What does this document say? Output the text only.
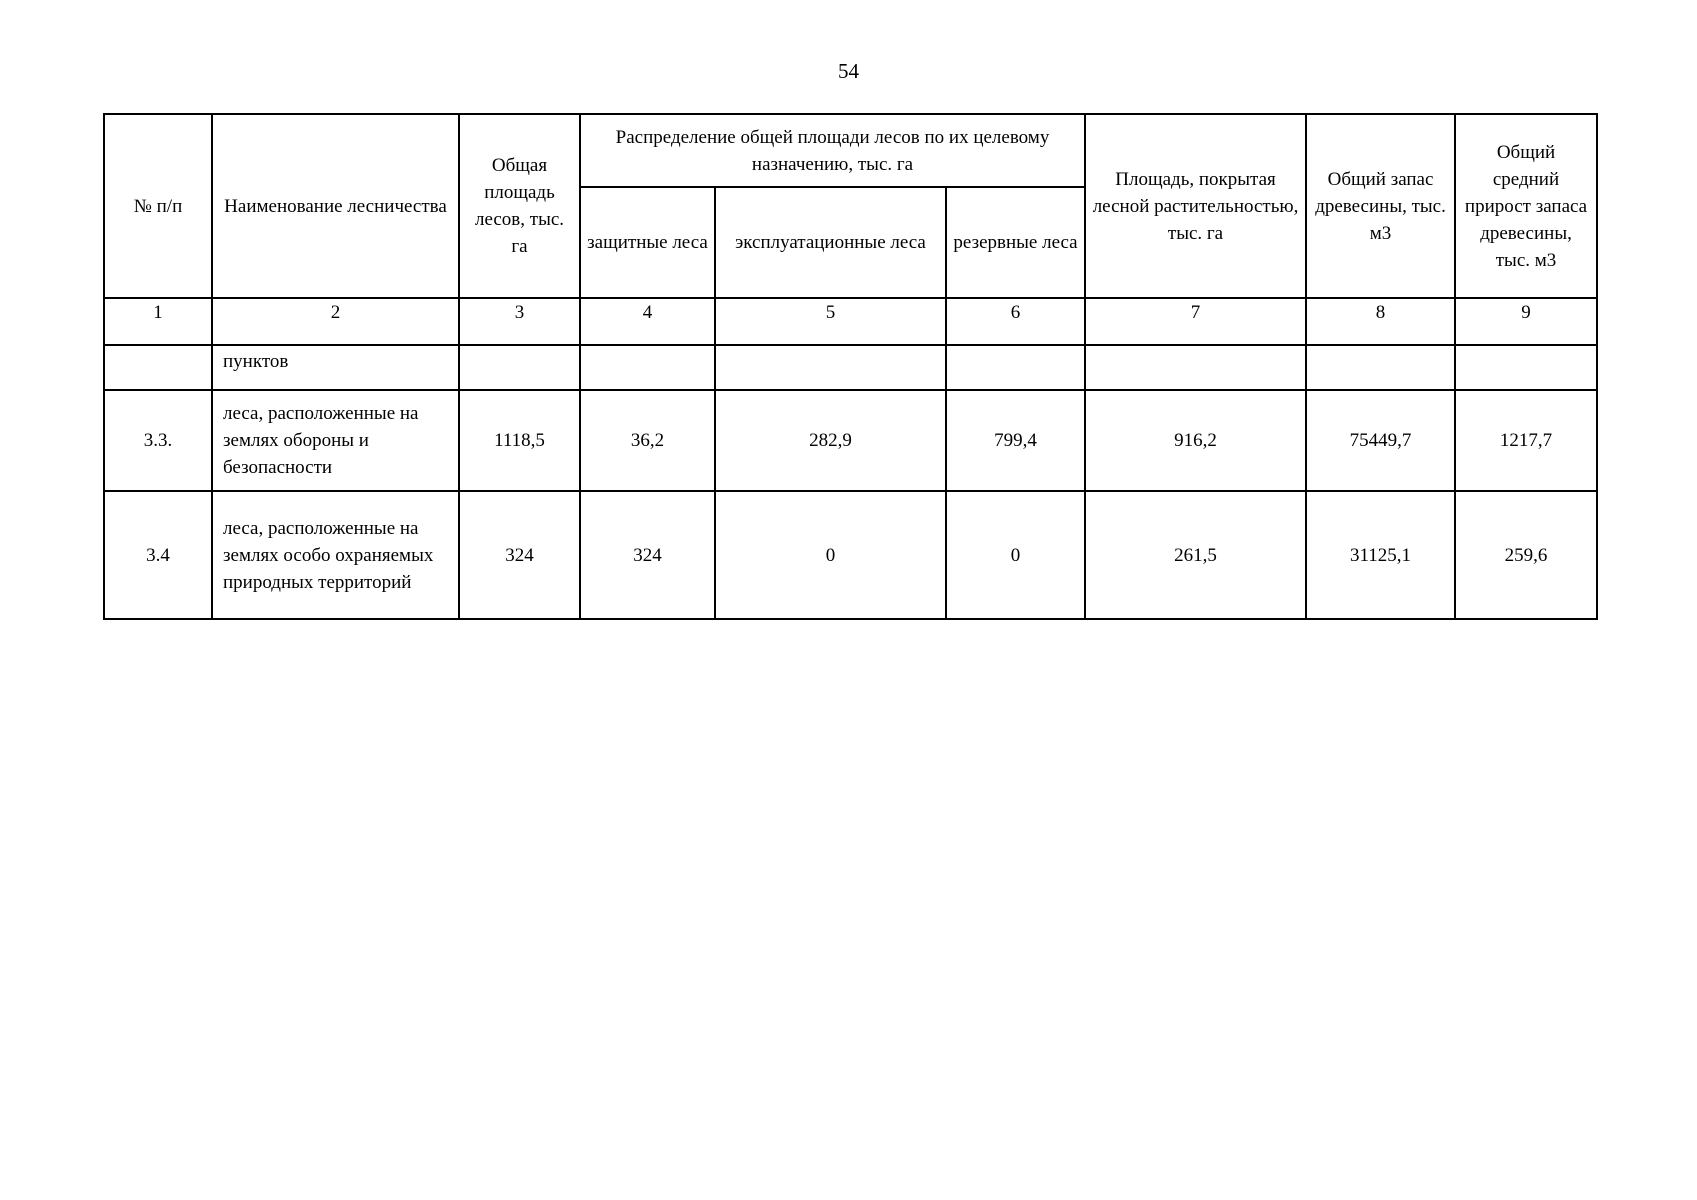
54
№ п/п	Наименование лесничества	Общая площадь лесов, тыс. га	Распределение общей площади лесов по их целевому назначению, тыс. га			Площадь, покрытая лесной растительностью, тыс. га	Общий запас древесины, тыс. м3	Общий средний прирост запаса древесины, тыс. м3
			защитные леса	эксплуатационные леса	резервные леса			
1	2	3	4	5	6	7	8	9
	пунктов							
3.3.	леса, расположенные на землях обороны и безопасности	1118,5	36,2	282,9	799,4	916,2	75449,7	1217,7
3.4	леса, расположенные на землях особо охраняемых природных территорий	324	324	0	0	261,5	31125,1	259,6
